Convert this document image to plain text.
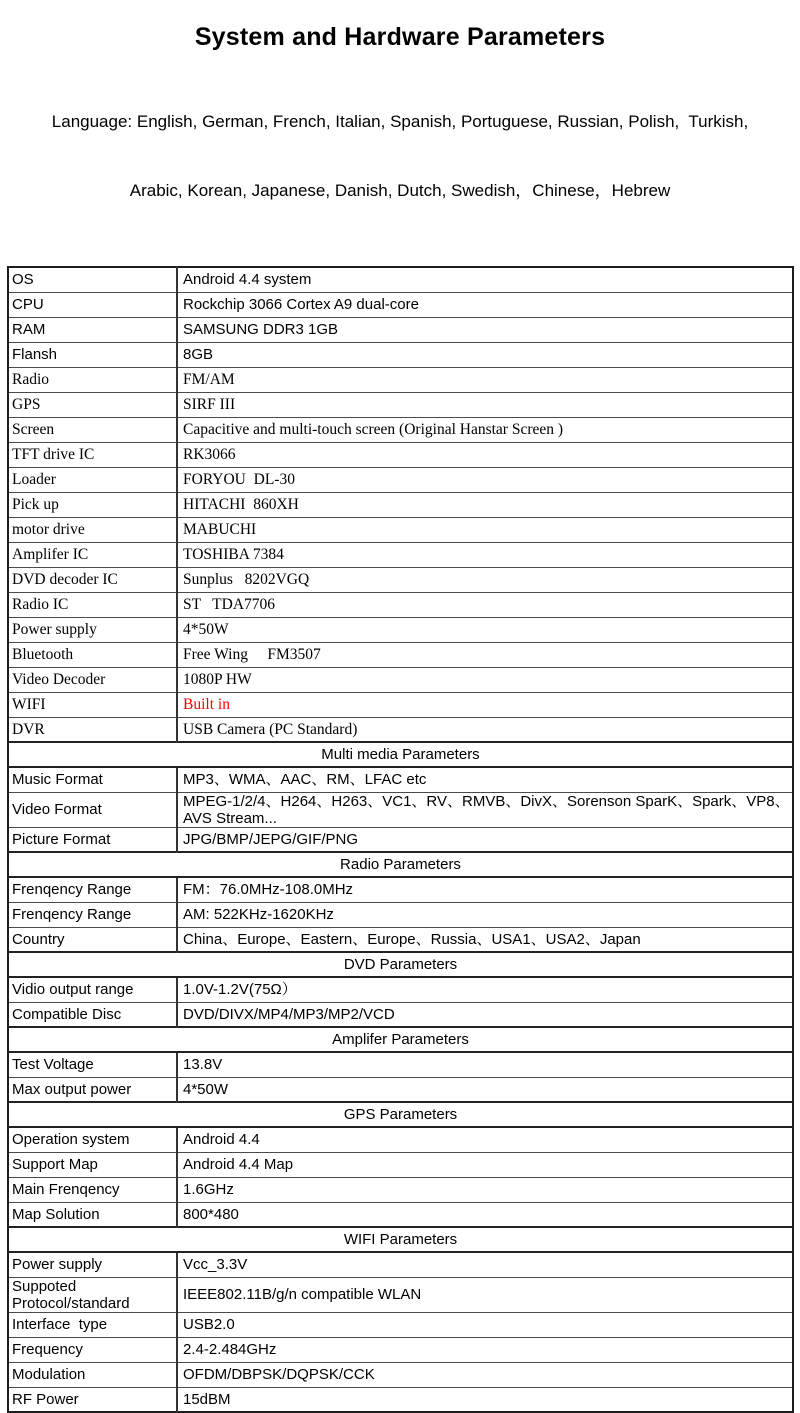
System and Hardware Parameters

Language: English, German, French, Italian, Spanish, Portuguese, Russian, Polish,  Turkish,

Arabic, Korean, Japanese, Danish, Dutch, Swedish，Chinese，Hebrew

OS	Android 4.4 system
CPU	Rockchip 3066 Cortex A9 dual-core
RAM	SAMSUNG DDR3 1GB
Flansh	8GB
Radio	FM/AM
GPS	SIRF III
Screen	Capacitive and multi-touch screen (Original Hanstar Screen )
TFT drive IC	RK3066
Loader	FORYOU  DL-30
Pick up	HITACHI  860XH
motor drive	MABUCHI
Amplifer IC	TOSHIBA 7384
DVD decoder IC	Sunplus   8202VGQ
Radio IC	ST   TDA7706
Power supply	4*50W
Bluetooth	Free Wing     FM3507
Video Decoder	1080P HW
WIFI	Built in
DVR	USB Camera (PC Standard)
Multi media Parameters	
Music Format	MP3、WMA、AAC、RM、LFAC etc
Video Format	MPEG-1/2/4、H264、H263、VC1、RV、RMVB、DivX、Sorenson SparK、Spark、VP8、AVS Stream...
Picture Format	JPG/BMP/JEPG/GIF/PNG
Radio Parameters	
Frenqency Range	FM：76.0MHz-108.0MHz
Frenqency Range	AM: 522KHz-1620KHz
Country	China、Europe、Eastern、Europe、Russia、USA1、USA2、Japan
DVD Parameters	
Vidio output range	1.0V-1.2V(75Ω）
Compatible Disc	DVD/DIVX/MP4/MP3/MP2/VCD
Amplifer Parameters	
Test Voltage	13.8V
Max output power	4*50W
GPS Parameters	
Operation system	Android 4.4
Support Map	Android 4.4 Map
Main Frenqency	1.6GHz
Map Solution	800*480
WIFI Parameters	
Power supply	Vcc_3.3V
Suppoted Protocol/standard	IEEE802.11B/g/n compatible WLAN
Interface  type	USB2.0
Frequency	2.4-2.484GHz
Modulation	OFDM/DBPSK/DQPSK/CCK
RF Power	15dBM
